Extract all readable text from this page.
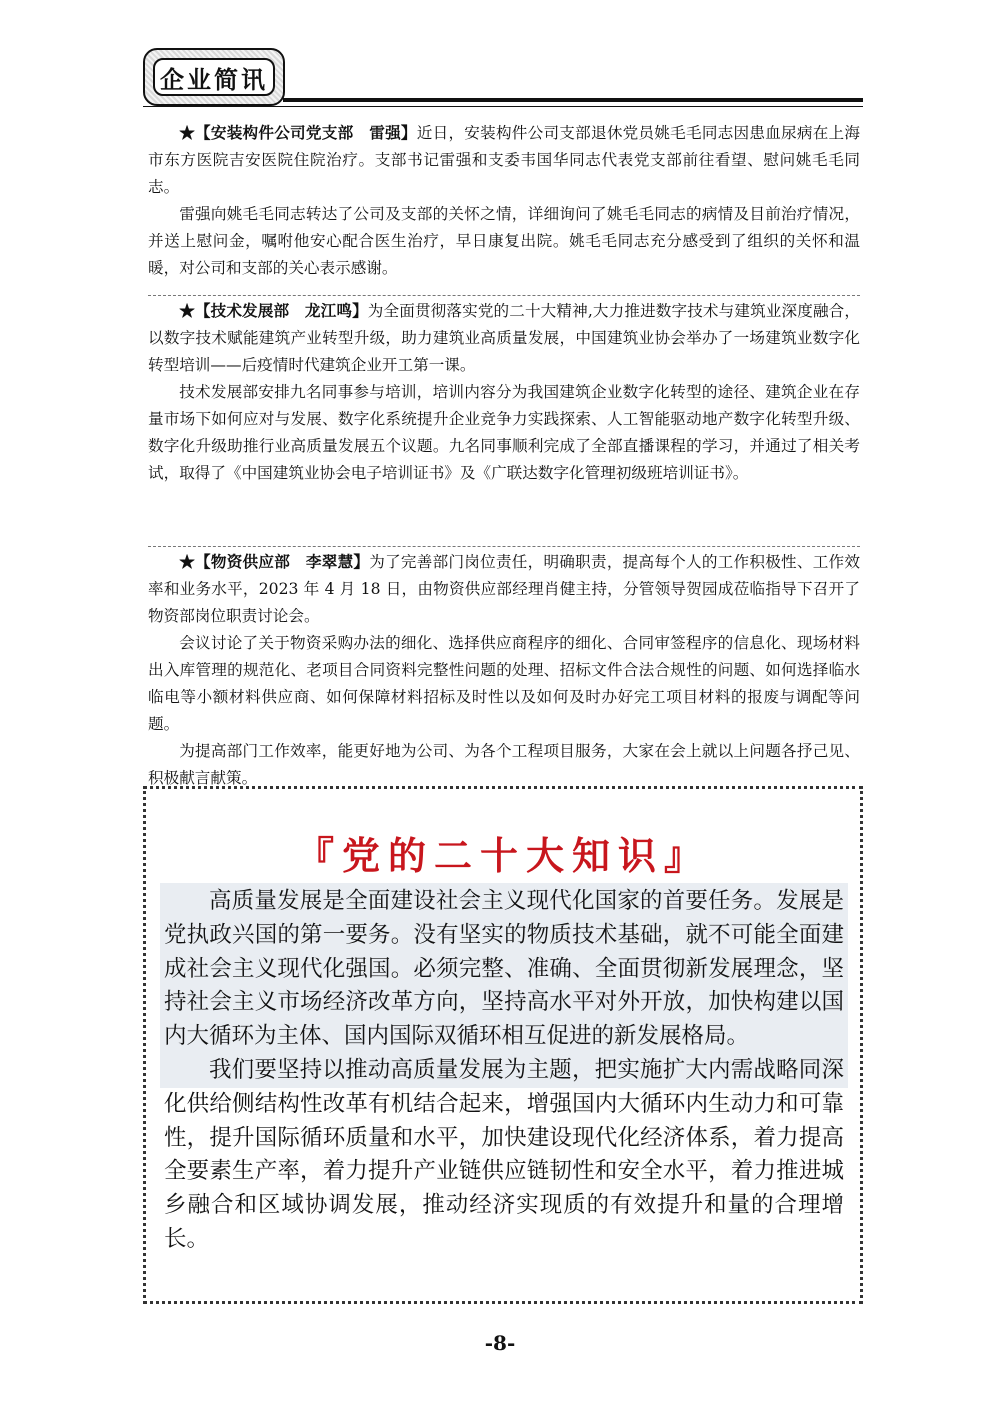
企业简讯

★【安装构件公司党支部　雷强】近日，安装构件公司支部退休党员姚毛毛同志因患血尿病在上海市东方医院吉安医院住院治疗。支部书记雷强和支委韦国华同志代表党支部前往看望、慰问姚毛毛同志。

雷强向姚毛毛同志转达了公司及支部的关怀之情，详细询问了姚毛毛同志的病情及目前治疗情况，并送上慰问金，嘱咐他安心配合医生治疗，早日康复出院。姚毛毛同志充分感受到了组织的关怀和温暖，对公司和支部的关心表示感谢。

★【技术发展部　龙江鸣】为全面贯彻落实党的二十大精神,大力推进数字技术与建筑业深度融合，以数字技术赋能建筑产业转型升级，助力建筑业高质量发展，中国建筑业协会举办了一场建筑业数字化转型培训——后疫情时代建筑企业开工第一课。

技术发展部安排九名同事参与培训，培训内容分为我国建筑企业数字化转型的途径、建筑企业在存量市场下如何应对与发展、数字化系统提升企业竞争力实践探索、人工智能驱动地产数字化转型升级、数字化升级助推行业高质量发展五个议题。九名同事顺利完成了全部直播课程的学习，并通过了相关考试，取得了《中国建筑业协会电子培训证书》及《广联达数字化管理初级班培训证书》。

★【物资供应部　李翠慧】为了完善部门岗位责任，明确职责，提高每个人的工作积极性、工作效率和业务水平，2023 年 4 月 18 日，由物资供应部经理肖健主持，分管领导贺园成莅临指导下召开了物资部岗位职责讨论会。

会议讨论了关于物资采购办法的细化、选择供应商程序的细化、合同审签程序的信息化、现场材料出入库管理的规范化、老项目合同资料完整性问题的处理、招标文件合法合规性的问题、如何选择临水临电等小额材料供应商、如何保障材料招标及时性以及如何及时办好完工项目材料的报废与调配等问题。

为提高部门工作效率，能更好地为公司、为各个工程项目服务，大家在会上就以上问题各抒己见、积极献言献策。

『党的二十大知识』

高质量发展是全面建设社会主义现代化国家的首要任务。发展是党执政兴国的第一要务。没有坚实的物质技术基础，就不可能全面建成社会主义现代化强国。必须完整、准确、全面贯彻新发展理念，坚持社会主义市场经济改革方向，坚持高水平对外开放，加快构建以国内大循环为主体、国内国际双循环相互促进的新发展格局。

我们要坚持以推动高质量发展为主题，把实施扩大内需战略同深化供给侧结构性改革有机结合起来，增强国内大循环内生动力和可靠性，提升国际循环质量和水平，加快建设现代化经济体系，着力提高全要素生产率，着力提升产业链供应链韧性和安全水平，着力推进城乡融合和区域协调发展，推动经济实现质的有效提升和量的合理增长。

-8-
